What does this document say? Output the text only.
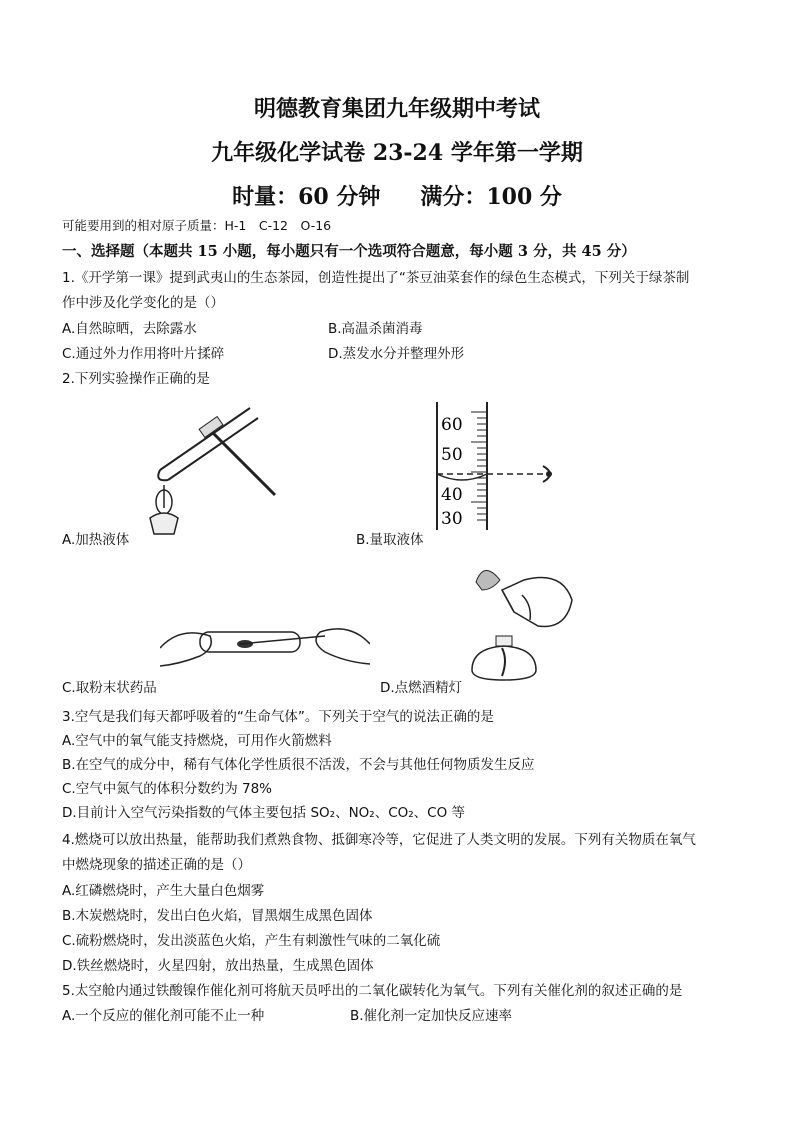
明德教育集团九年级期中考试
九年级化学试卷 23-24 学年第一学期
时量：60 分钟 满分：100 分
可能要用到的相对原子质量：H-1　C-12　O-16
一、选择题（本题共 15 小题，每小题只有一个选项符合题意，每小题 3 分，共 45 分）
1.《开学第一课》提到武夷山的生态茶园，创造性提出了“茶豆油菜套作的绿色生态模式，下列关于绿茶制
作中涉及化学变化的是（）
A.自然晾晒，去除露水	B.高温杀菌消毒
C.通过外力作用将叶片揉碎	D.蒸发水分并整理外形
2.下列实验操作正确的是
A.加热液体
60
50
40
30
B.量取液体
C.取粉末状药品	D.点燃酒精灯
3.空气是我们每天都呼吸着的“生命气体”。下列关于空气的说法正确的是
A.空气中的氧气能支持燃烧，可用作火箭燃料
B.在空气的成分中，稀有气体化学性质很不活泼，不会与其他任何物质发生反应
C.空气中氮气的体积分数约为 78%
D.目前计入空气污染指数的气体主要包括 SO₂、NO₂、CO₂、CO 等
4.燃烧可以放出热量，能帮助我们煮熟食物、抵御寒冷等，它促进了人类文明的发展。下列有关物质在氧气
中燃烧现象的描述正确的是（）
A.红磷燃烧时，产生大量白色烟雾
B.木炭燃烧时，发出白色火焰，冒黑烟生成黑色固体
C.硫粉燃烧时，发出淡蓝色火焰，产生有刺激性气味的二氧化硫
D.铁丝燃烧时，火星四射，放出热量，生成黑色固体
5.太空舱内通过铁酸镍作催化剂可将航天员呼出的二氧化碳转化为氧气。下列有关催化剂的叙述正确的是
A.一个反应的催化剂可能不止一种	B.催化剂一定加快反应速率
